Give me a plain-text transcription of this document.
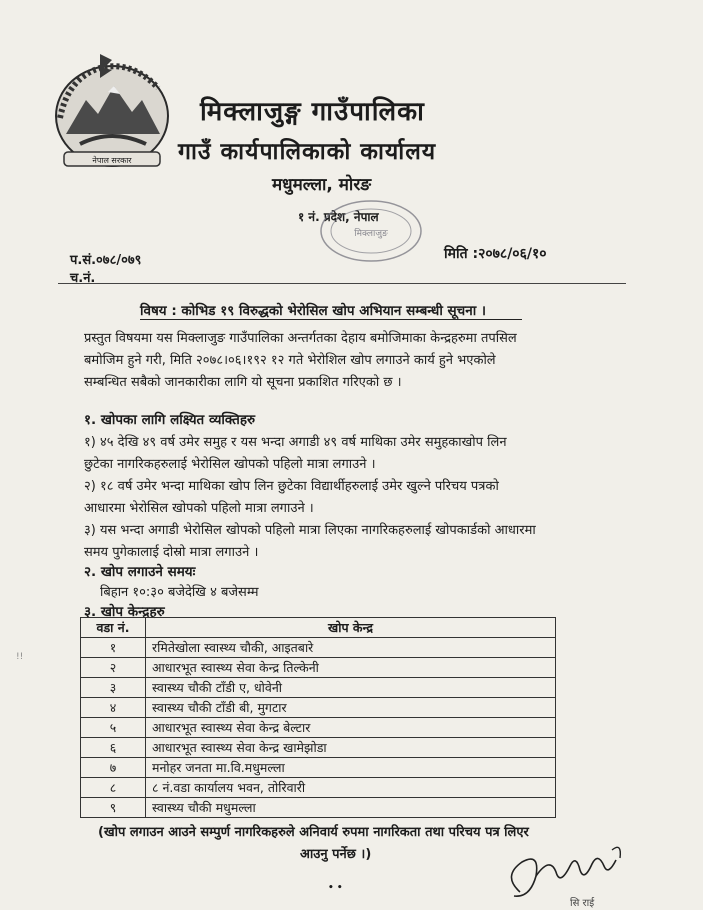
नेपाल सरकार
मिक्लाजुङ्ग गाउँपालिका
गाउँ कार्यपालिकाको कार्यालय
मधुमल्ला, मोरङ
१ नं. प्रदेश, नेपाल
मिक्लाजुङ
प.सं.०७८/०७९
च.नं.
मिति :२०७८/०६/१०
विषय : कोभिड १९ विरुद्धको भेरोसिल खोप अभियान सम्बन्धी सूचना ।
प्रस्तुत विषयमा यस मिक्लाजुङ गाउँपालिका अन्तर्गतका देहाय बमोजिमाका केन्द्रहरुमा तपसिल
बमोजिम हुने गरी, मिति २०७८।०६।१९२ १२ गते भेरोशिल खोप लगाउने कार्य हुने भएकोले
सम्बन्धित सबैको जानकारीका लागि यो सूचना प्रकाशित गरिएको छ ।
१. खोपका लागि लक्ष्यित व्यक्तिहरु
१) ४५ देखि ४९ वर्ष उमेर समुह र यस भन्दा अगाडी ४९ वर्ष माथिका उमेर समुहकाखोप लिन
छुटेका नागरिकहरुलाई भेरोसिल खोपको पहिलो मात्रा लगाउने ।
२) १८ वर्ष उमेर भन्दा माथिका खोप लिन छुटेका विद्यार्थीहरुलाई उमेर खुल्ने परिचय पत्रको
आधारमा भेरोसिल खोपको पहिलो मात्रा लगाउने ।
३) यस भन्दा अगाडी भेरोसिल खोपको पहिलो मात्रा लिएका नागरिकहरुलाई खोपकार्डको आधारमा
समय पुगेकालाई दोस्रो मात्रा लगाउने ।
२. खोप लगाउने समयः
बिहान १०:३० बजेदेखि ४ बजेसम्म
३. खोप केन्द्रहरु
वडा नं.	खोप केन्द्र
१	रमितेखोला स्वास्थ्य चौकी, आइतबारे
२	आधारभूत स्वास्थ्य सेवा केन्द्र तिल्केनी
३	स्वास्थ्य चौकी टाँडी ए, धोवेनी
४	स्वास्थ्य चौकी टाँडी बी, मुगटार
५	आधारभूत स्वास्थ्य सेवा केन्द्र बेल्टार
६	आधारभूत स्वास्थ्य सेवा केन्द्र खामेझोडा
७	मनोहर जनता मा.वि.मधुमल्ला
८	८ नं.वडा कार्यालय भवन, तोरिवारी
९	स्वास्थ्य चौकी मधुमल्ला
(खोप लगाउन आउने सम्पुर्ण नागरिकहरुले अनिवार्य रुपमा नागरिकता तथा परिचय पत्र लिएर
आउनु पर्नेछ ।)
• •
!!
सि राई
